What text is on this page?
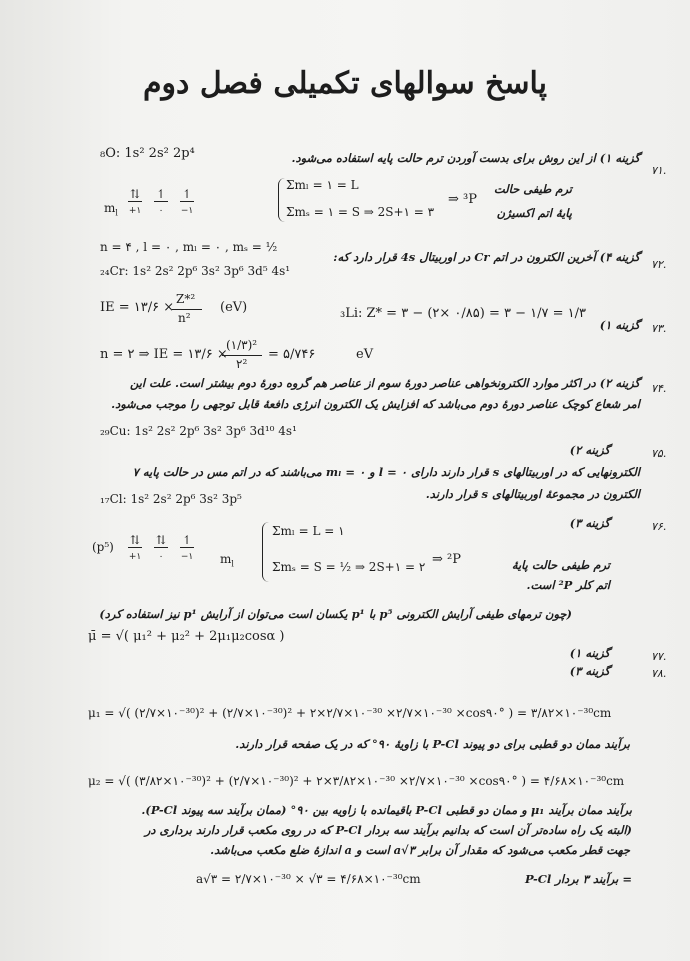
پاسخ سوالهای تکمیلی فصل دوم
۷۱.
گزینه ۱) از این روش برای بدست آوردن ترم حالت پایه استفاده می‌شود.
₈O: 1s² 2s² 2p⁴
⇅ ↿ ↿
+۱	۰	−۱
$m_l$
Σmₗ = ۱ = L
Σmₛ = ۱ = S ⇒ 2S+۱ = ۳
⇒ ³P
ترم طیفی حالت
پایهٔ اتم اکسیژن
n = ۴ , l = ۰ , mₗ = ۰ , mₛ = ½
۷۲.
گزینه ۴) آخرین الکترون در اتم Cr در اوربیتال 4s قرار دارد که:
₂₄Cr: 1s² 2s² 2p⁶ 3s² 3p⁶ 3d⁵ 4s¹
IE = ۱۳/۶ ×
Z*²
n²
(eV)	₃Li: Z* = ۳ − (۲× ۰/۸۵) = ۳ − ۱/۷ = ۱/۳
۷۳.
گزینه ۱)
n = ۲ ⇒ IE = ۱۳/۶ ×
(۱/۳)²
۲²
= ۵/۷۴۶	eV
۷۴.
گزینه ۲) در اکثر موارد الکترونخواهی عناصر دورهٔ سوم از عناصر هم گروه دورهٔ دوم بیشتر است. علت این
امر شعاع کوچک عناصر دورهٔ دوم می‌باشد که افزایش یک الکترون انرژی دافعهٔ قابل توجهی را موجب می‌شود.
₂₉Cu: 1s² 2s² 2p⁶ 3s² 3p⁶ 3d¹⁰ 4s¹
۷۵.
گزینه ۲)
الکترونهایی که در اوربیتالهای s قرار دارند دارای l = ۰ و mₗ = ۰ می‌باشند که در اتم مس در حالت پایه ۷
الکترون در مجموعهٔ اوربیتالهای s قرار دارند.
₁₇Cl: 1s² 2s² 2p⁶ 3s² 3p⁵
۷۶.
گزینه ۳)
(p⁵) ⇅ ⇅ ↿
+۱	۰	−۱ $m_l$
Σmₗ = L = ۱
Σmₛ = S = ½ ⇒ 2S+۱ = ۲ ⇒ ²P	ترم طیفی حالت پایهٔ
اتم کلر ²P است.
(چون ترمهای طیفی آرایش الکترونی p⁵ با p¹ یکسان است می‌توان از آرایش p¹ نیز استفاده کرد)
μ̄ = √( μ₁² + μ₂² + 2μ₁μ₂cosα )
۷۷.
گزینه ۱)
۷۸.
گزینه ۳)
μ₁ = √( (۲/۷×۱۰⁻³⁰)² + (۲/۷×۱۰⁻³⁰)² + ۲×۲/۷×۱۰⁻³⁰ ×۲/۷×۱۰⁻³⁰ ×cos۹۰° ) = ۳/۸۲×۱۰⁻³⁰cm
برآیند ممان دو قطبی برای دو پیوند P-Cl با زاویهٔ ۹۰° که در یک صفحه قرار دارند.
μ₂ = √( (۳/۸۲×۱۰⁻³⁰)² + (۲/۷×۱۰⁻³⁰)² + ۲×۳/۸۲×۱۰⁻³⁰ ×۲/۷×۱۰⁻³⁰ ×cos۹۰° ) = ۴/۶۸×۱۰⁻³⁰cm
برآیند ممان برآیند μ₁ و ممان دو قطبی P-Cl باقیمانده با زاویه بین ۹۰° (ممان برآیند سه پیوند P-Cl).
(البته یک راه ساده‌تر آن است که بدانیم برآیند سه بردار P-Cl که در روی مکعب قرار دارند برداری در
جهت قطر مکعب می‌شود که مقدار آن برابر a√۳ است و a اندازهٔ ضلع مکعب می‌باشد.
a√۳ = ۲/۷×۱۰⁻³⁰ × √۳ = ۴/۶۸×۱۰⁻³⁰cm	= برآیند ۳ بردار P-Cl
